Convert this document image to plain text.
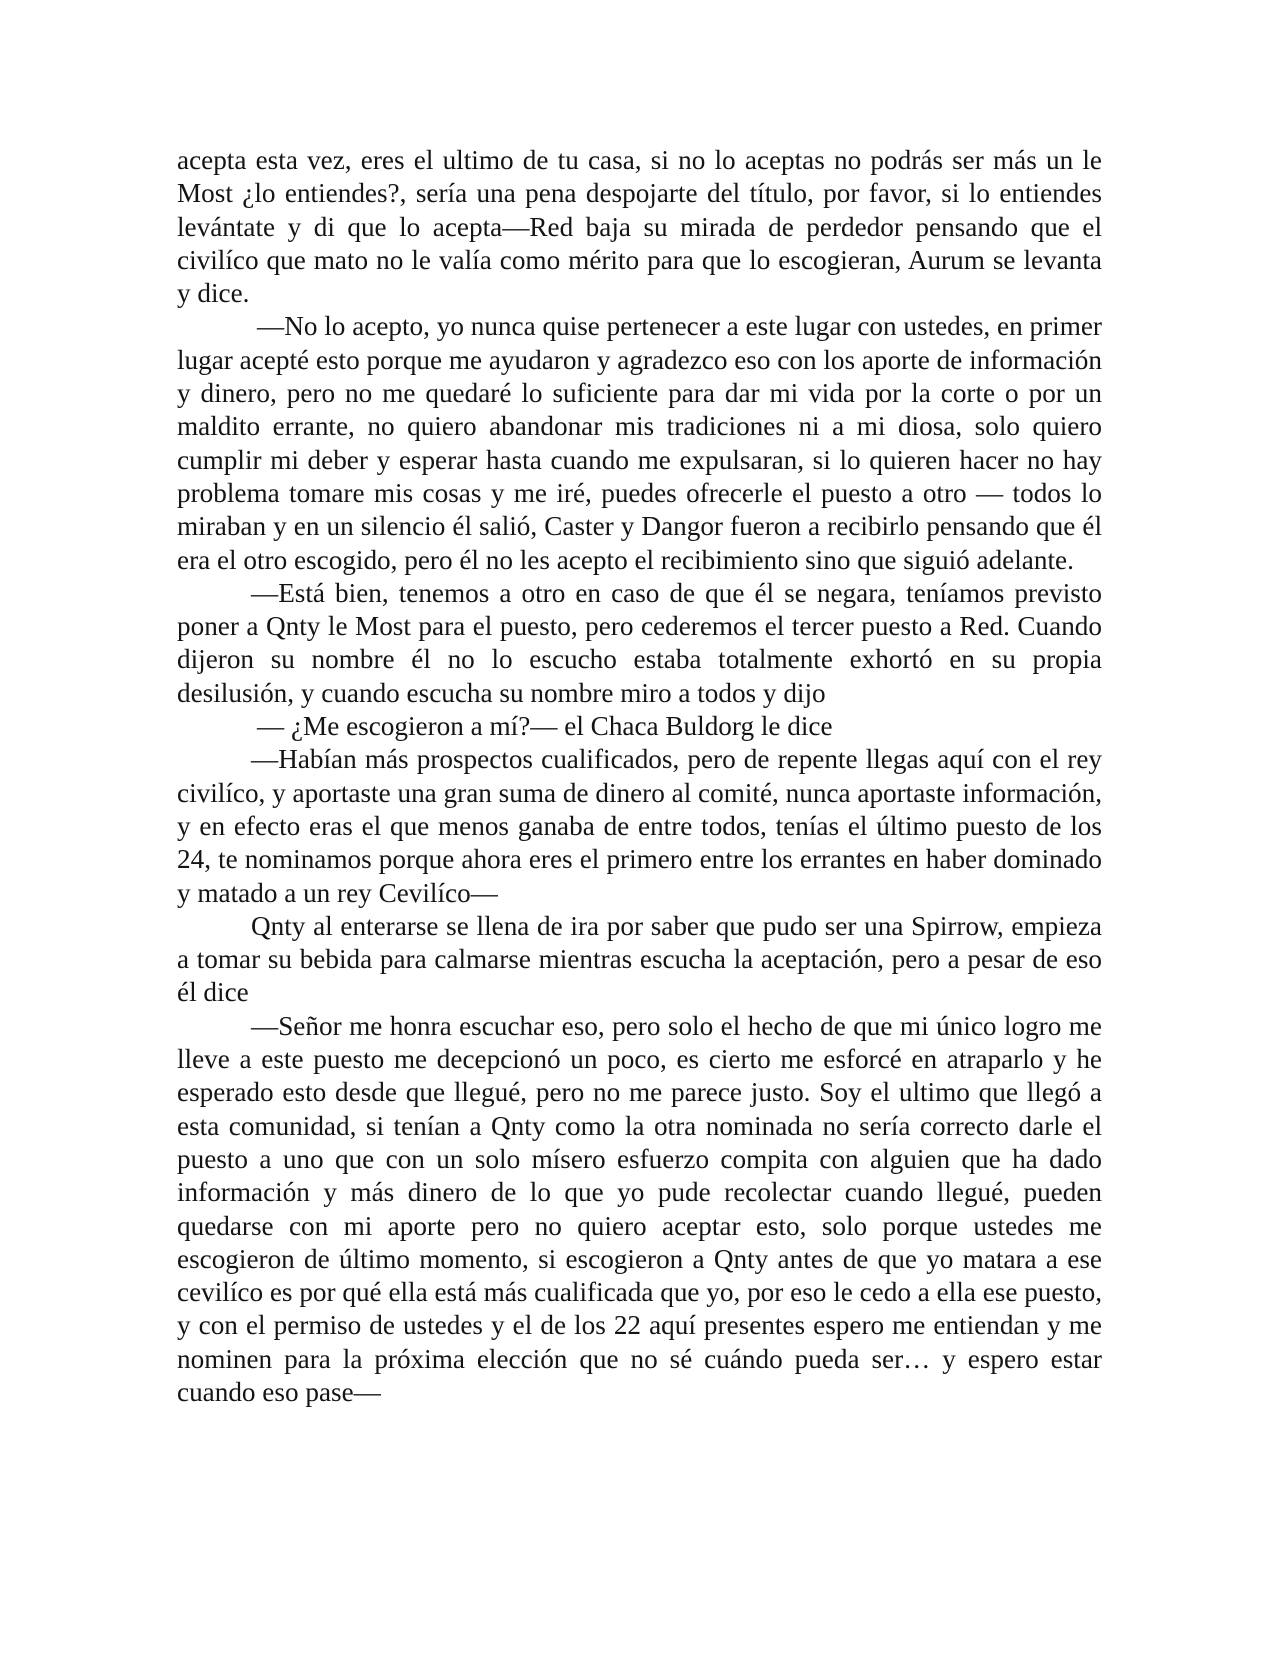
acepta esta vez, eres el ultimo de tu casa, si no lo aceptas no podrás ser más un le Most ¿lo entiendes?, sería una pena despojarte del título, por favor, si lo entiendes levántate y di que lo acepta—Red baja su mirada de perdedor pensando que el civilíco que mato no le valía como mérito para que lo escogieran, Aurum se levanta y dice.

—No lo acepto, yo nunca quise pertenecer a este lugar con ustedes, en primer lugar acepté esto porque me ayudaron y agradezco eso con los aporte de información y dinero, pero no me quedaré lo suficiente para dar mi vida por la corte o por un maldito errante, no quiero abandonar mis tradiciones ni a mi diosa, solo quiero cumplir mi deber y esperar hasta cuando me expulsaran, si lo quieren hacer no hay problema tomare mis cosas y me iré, puedes ofrecerle el puesto a otro — todos lo miraban y en un silencio él salió, Caster y Dangor fueron a recibirlo pensando que él era el otro escogido, pero él no les acepto el recibimiento sino que siguió adelante.

—Está bien, tenemos a otro en caso de que él se negara, teníamos previsto poner a Qnty le Most para el puesto, pero cederemos el tercer puesto a Red. Cuando dijeron su nombre él no lo escucho estaba totalmente exhortó en su propia desilusión, y cuando escucha su nombre miro a todos y dijo

— ¿Me escogieron a mí?— el Chaca Buldorg le dice

—Habían más prospectos cualificados, pero de repente llegas aquí con el rey civilíco, y aportaste una gran suma de dinero al comité, nunca aportaste información, y en efecto eras el que menos ganaba de entre todos, tenías el último puesto de los 24, te nominamos porque ahora eres el primero entre los errantes en haber dominado y matado a un rey Cevilíco—

Qnty al enterarse se llena de ira por saber que pudo ser una Spirrow, empieza a tomar su bebida para calmarse mientras escucha la aceptación, pero a pesar de eso él dice

—Señor me honra escuchar eso, pero solo el hecho de que mi único logro me lleve a este puesto me decepcionó un poco, es cierto me esforcé en atraparlo y he esperado esto desde que llegué, pero no me parece justo. Soy el ultimo que llegó a esta comunidad, si tenían a Qnty como la otra nominada no sería correcto darle el puesto a uno que con un solo mísero esfuerzo compita con alguien que ha dado información y más dinero de lo que yo pude recolectar cuando llegué, pueden quedarse con mi aporte pero no quiero aceptar esto, solo porque ustedes me escogieron de último momento, si escogieron a Qnty antes de que yo matara a ese cevilíco es por qué ella está más cualificada que yo, por eso le cedo a ella ese puesto, y con el permiso de ustedes y el de los 22 aquí presentes espero me entiendan y me nominen para la próxima elección que no sé cuándo pueda ser… y espero estar cuando eso pase—
